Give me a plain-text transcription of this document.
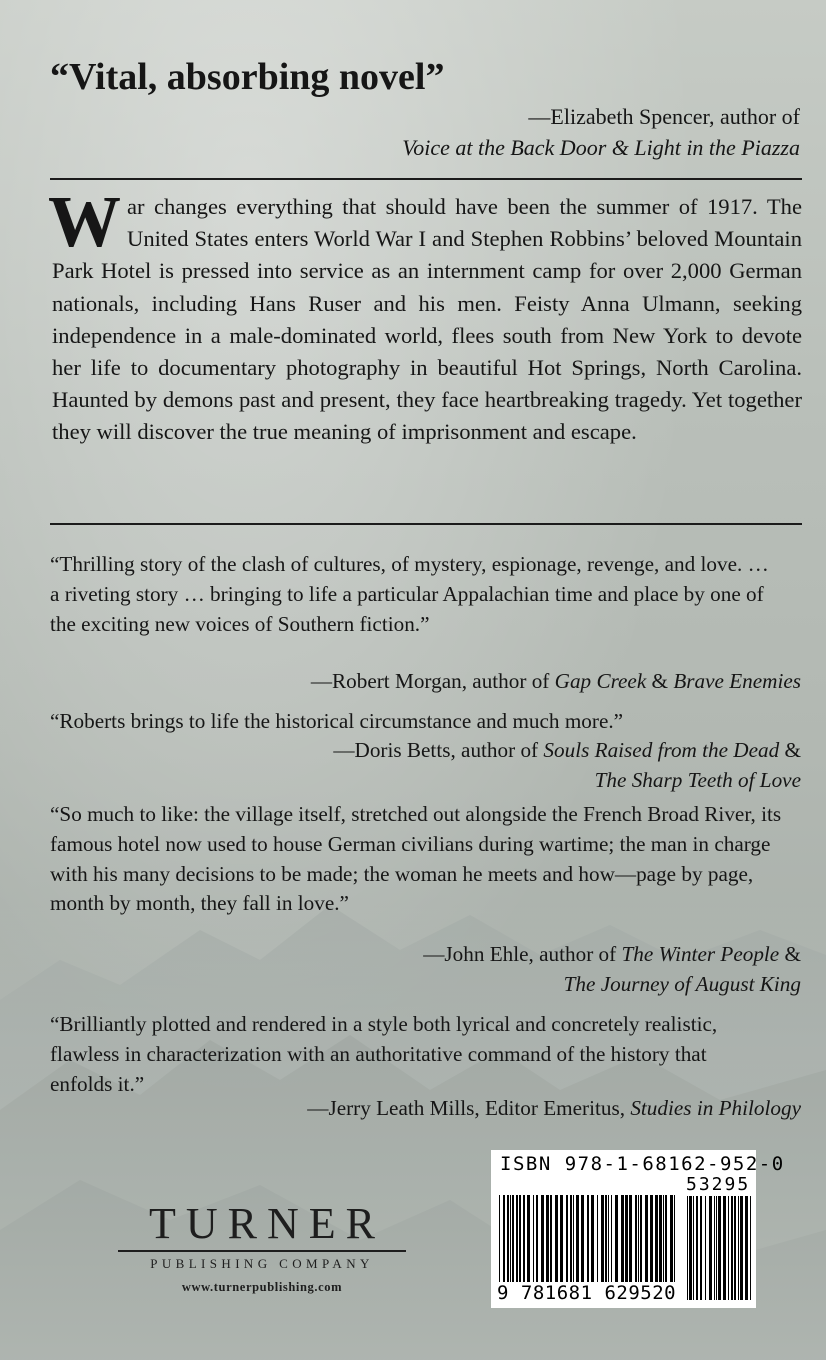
“Vital, absorbing novel”
—Elizabeth Spencer, author of
Voice at the Back Door & Light in the Piazza

War changes everything that should have been the summer of 1917. The United States enters World War I and Stephen Robbins’ beloved Mountain Park Hotel is pressed into service as an internment camp for over 2,000 German nationals, including Hans Ruser and his men. Feisty Anna Ulmann, seeking independence in a male-dominated world, flees south from New York to devote her life to documentary photography in beautiful Hot Springs, North Carolina. Haunted by demons past and present, they face heartbreaking tragedy. Yet together they will discover the true meaning of imprisonment and escape.

“Thrilling story of the clash of cultures, of mystery, espionage, revenge, and love. … a riveting story … bringing to life a particular Appalachian time and place by one of the exciting new voices of Southern fiction.”

—Robert Morgan, author of Gap Creek & Brave Enemies

“Roberts brings to life the historical circumstance and much more.”

—Doris Betts, author of Souls Raised from the Dead &
The Sharp Teeth of Love

“So much to like: the village itself, stretched out alongside the French Broad River, its famous hotel now used to house German civilians during wartime; the man in charge with his many decisions to be made; the woman he meets and how—page by page, month by month, they fall in love.”

—John Ehle, author of The Winter People &
The Journey of August King

“Brilliantly plotted and rendered in a style both lyrical and concretely realistic, flawless in characterization with an authoritative command of the history that enfolds it.”

—Jerry Leath Mills, Editor Emeritus, Studies in Philology
TURNER
PUBLISHING COMPANY
www.turnerpublishing.com
ISBN 978-1-68162-952-0
53295
9 781681 629520
